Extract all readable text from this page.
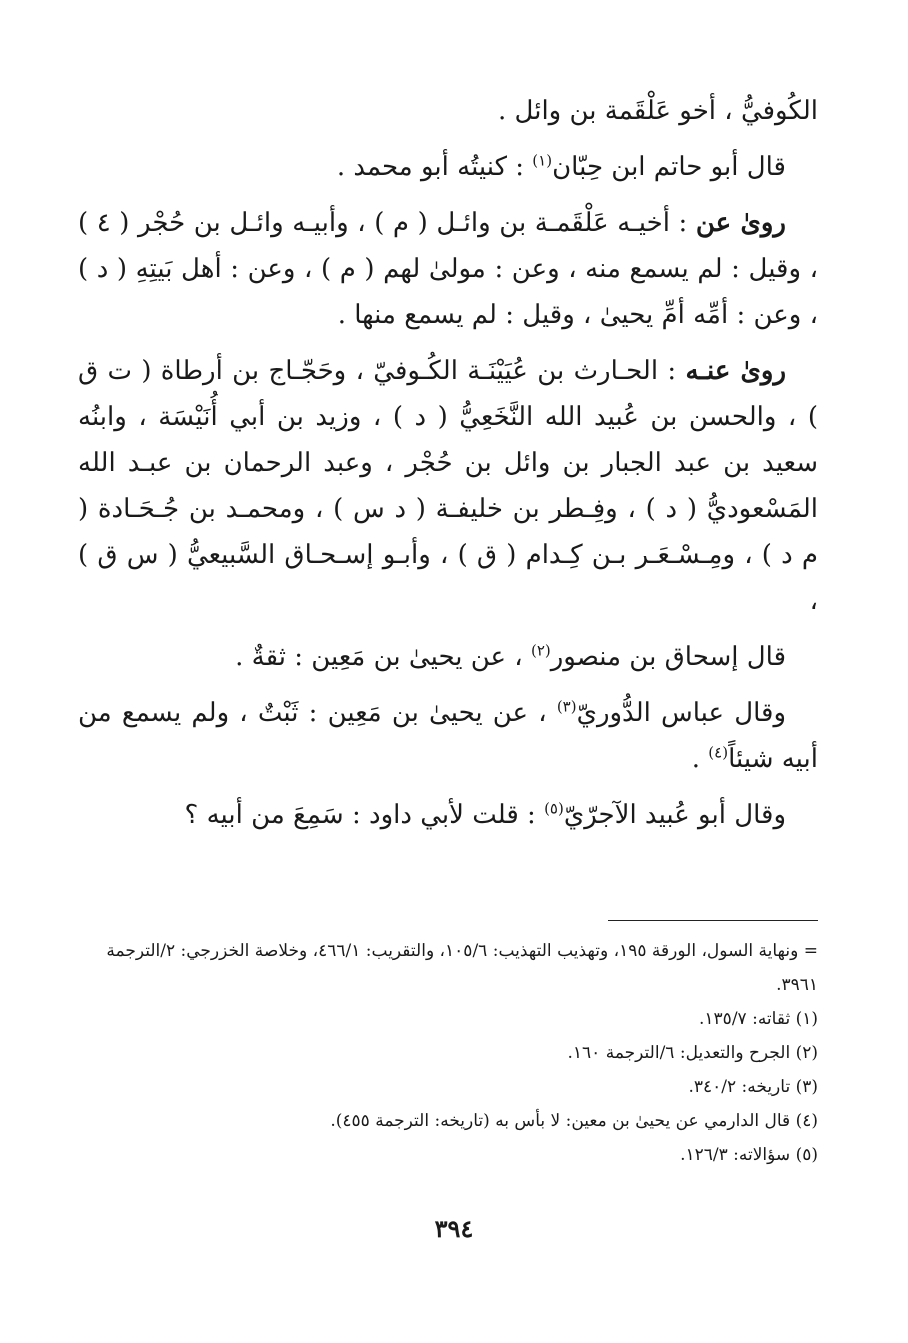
الكُوفيُّ ، أخو عَلْقَمة بن وائل .

قال أبو حاتم ابن حِبّان$^{(١)}$ : كنيتُه أبو محمد .

روىٰ عن : أخيـه عَلْقَمـة بن وائـل ( م ) ، وأبيـه وائـل بن حُجْر ( ٤ ) ، وقيل : لم يسمع منه ، وعن : مولىٰ لهم ( م ) ، وعن : أهل بَيتِهِ ( د ) ، وعن : أمِّه أمِّ يحيىٰ ، وقيل : لم يسمع منها .

روىٰ عنـه : الحـارث بن عُيَيْنَـة الكُـوفيّ ، وحَجّـاج بن أرطاة ( ت ق ) ، والحسن بن عُبيد الله النَّخَعِيُّ ( د ) ، وزيد بن أبي أُنَيْسَة ، وابنُه سعيد بن عبد الجبار بن وائل بن حُجْر ، وعبد الرحمان بن عبـد الله المَسْعوديُّ ( د ) ، وفِـطر بن خليفـة ( د س ) ، ومحمـد بن جُـحَـادة ( م د ) ، ومِـسْـعَـر بـن كِـدام ( ق ) ، وأبـو إسـحـاق السَّبيعيُّ ( س ق ) ،

قال إسحاق بن منصور$^{(٢)}$ ، عن يحيىٰ بن مَعِين : ثقةٌ .

وقال عباس الدُّوريّ$^{(٣)}$ ، عن يحيىٰ بن مَعِين : ثَبْتٌ ، ولم يسمع من أبيه شيئاً$^{(٤)}$ .

وقال أبو عُبيد الآجرّيّ$^{(٥)}$ : قلت لأبي داود : سَمِعَ من أبيه ؟

= ونهاية السول، الورقة ١٩٥، وتهذيب التهذيب: ١٠٥/٦، والتقريب: ٤٦٦/١، وخلاصة الخزرجي: ٢/الترجمة ٣٩٦١.

(١) ثقاته: ١٣٥/٧.

(٢) الجرح والتعديل: ٦/الترجمة ١٦٠.

(٣) تاريخه: ٣٤٠/٢.

(٤) قال الدارمي عن يحيىٰ بن معين: لا بأس به (تاريخه: الترجمة ٤٥٥).

(٥) سؤالاته: ١٢٦/٣.

٣٩٤
